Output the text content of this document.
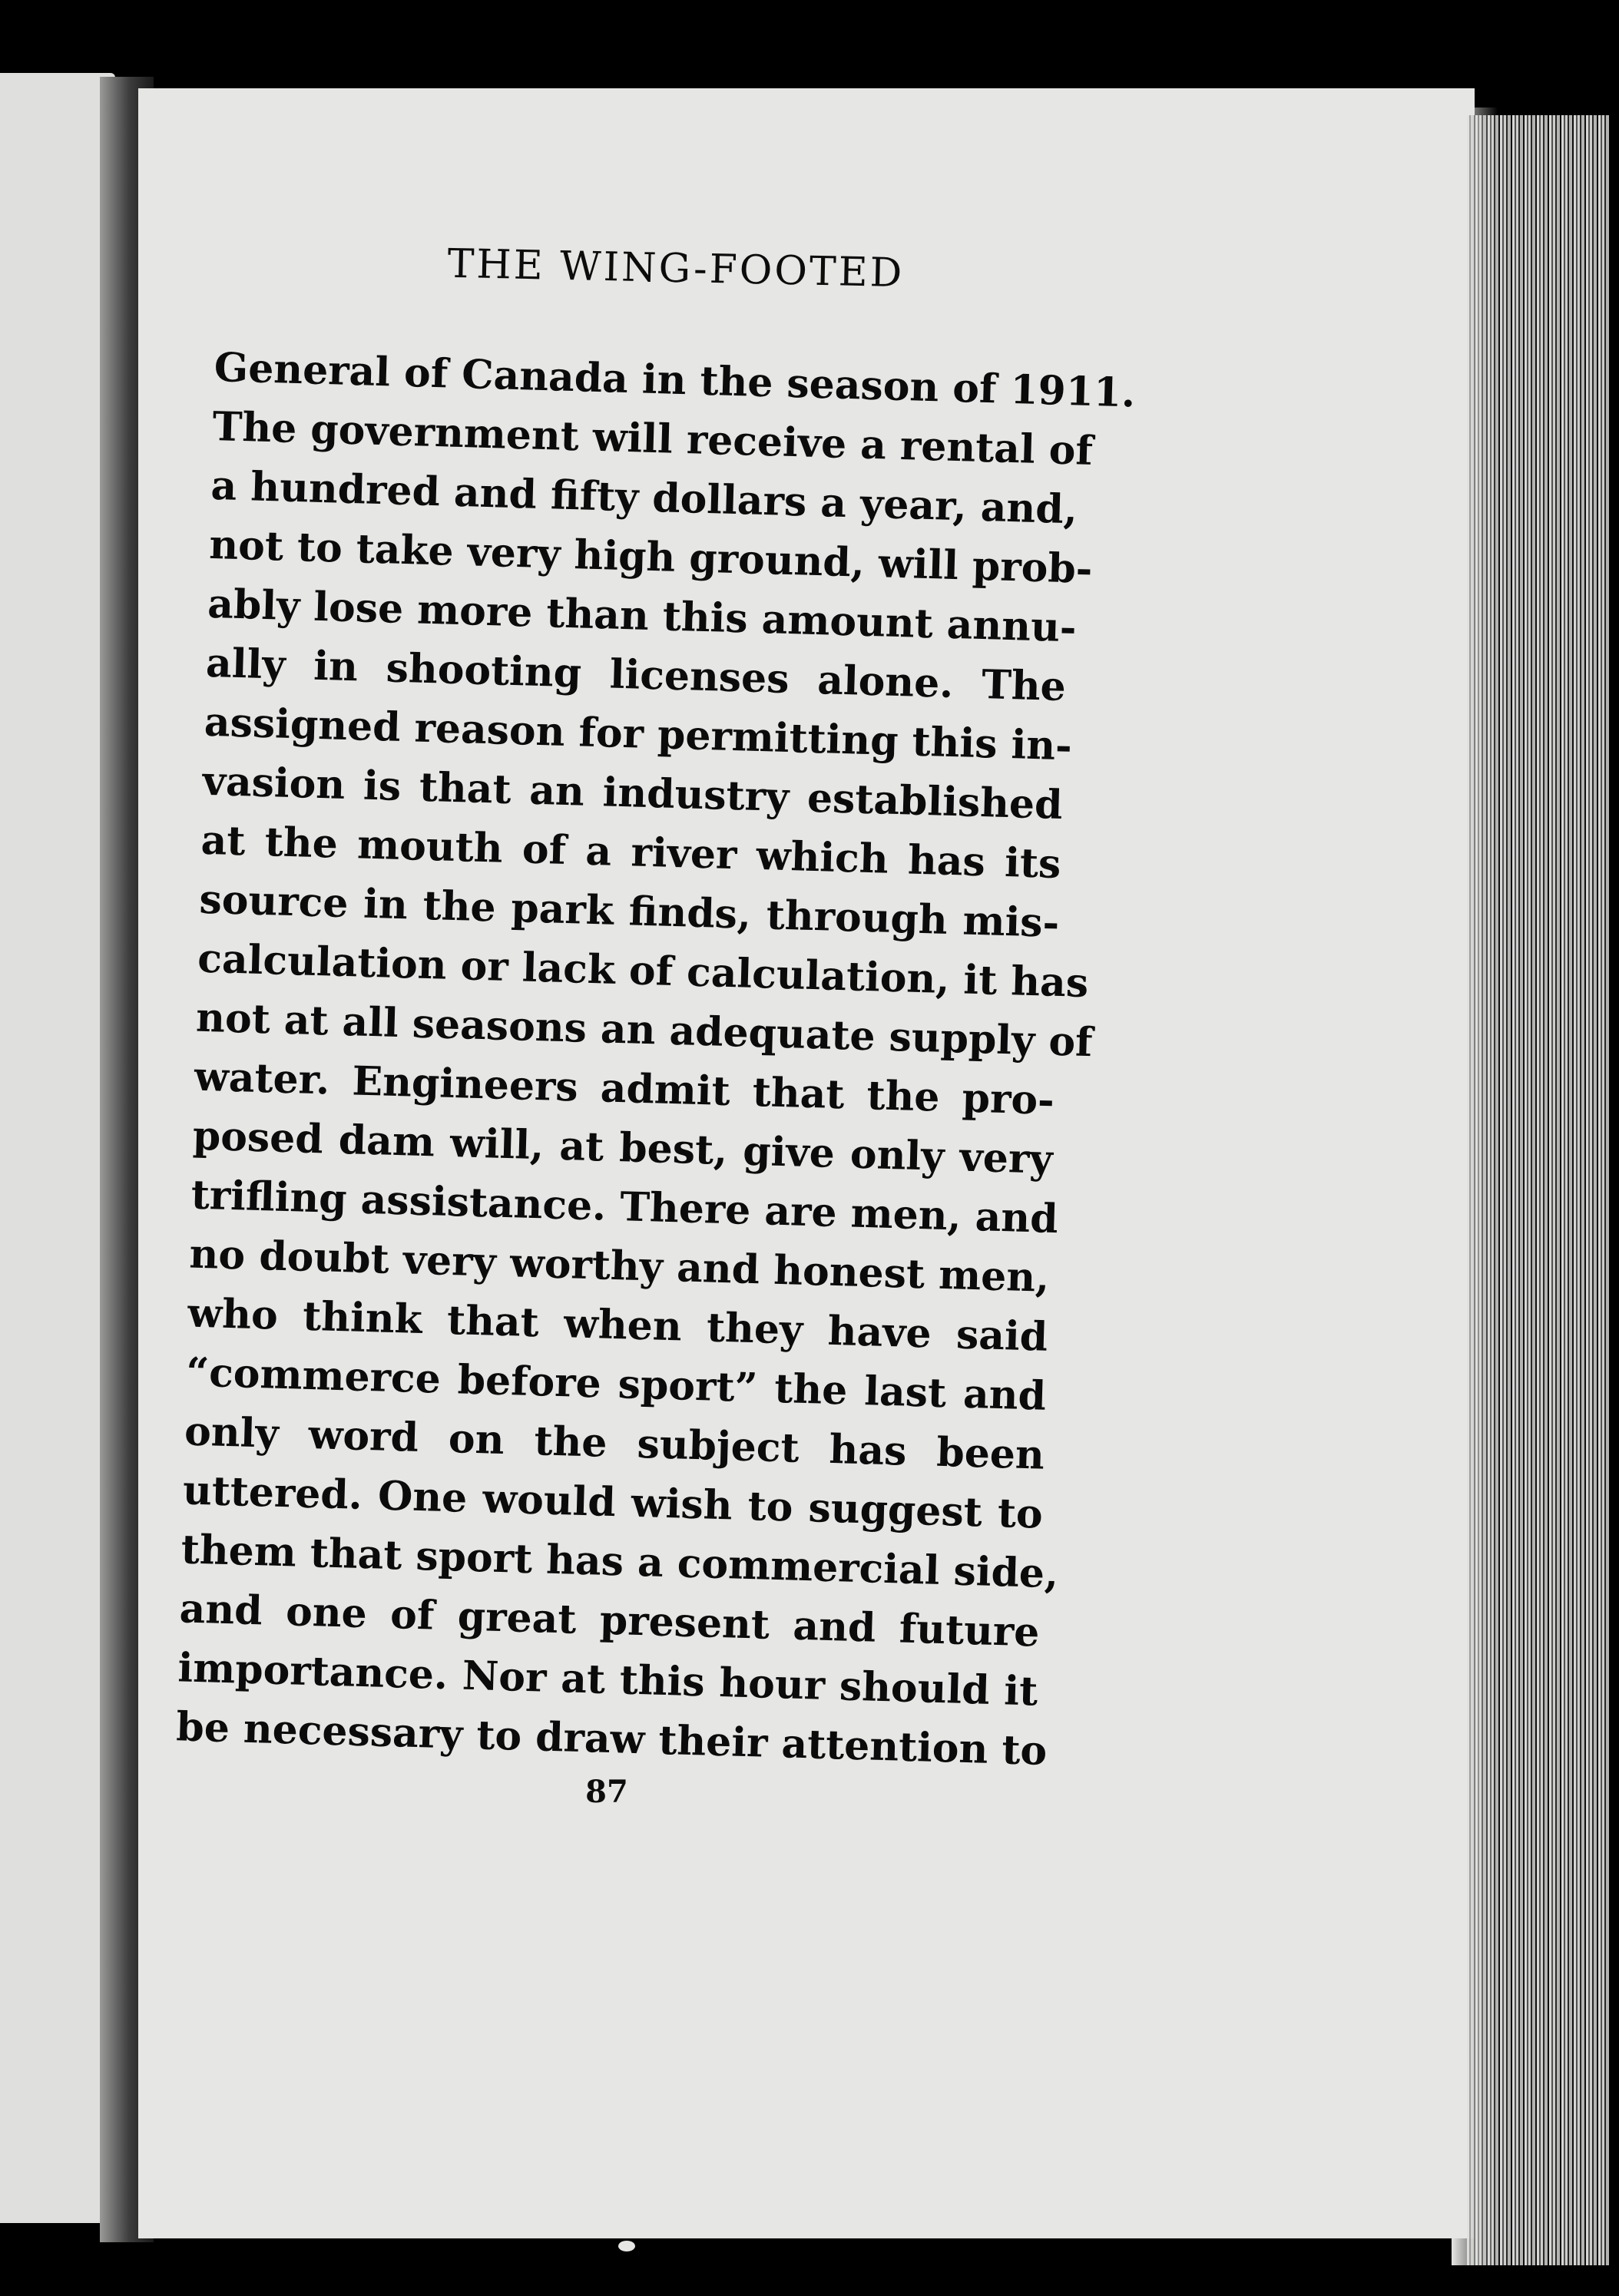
THE WING-FOOTED
General of Canada in the season of 1911.
The government will receive a rental of
a hundred and fifty dollars a year, and,
not to take very high ground, will prob-
ably lose more than this amount annu-
ally in shooting licenses alone. The
assigned reason for permitting this in-
vasion is that an industry established
at the mouth of a river which has its
source in the park finds, through mis-
calculation or lack of calculation, it has
not at all seasons an adequate supply of
water. Engineers admit that the pro-
posed dam will, at best, give only very
trifling assistance. There are men, and
no doubt very worthy and honest men,
who think that when they have said
“commerce before sport” the last and
only word on the subject has been
uttered. One would wish to suggest to
them that sport has a commercial side,
and one of great present and future
importance. Nor at this hour should it
be necessary to draw their attention to
87
